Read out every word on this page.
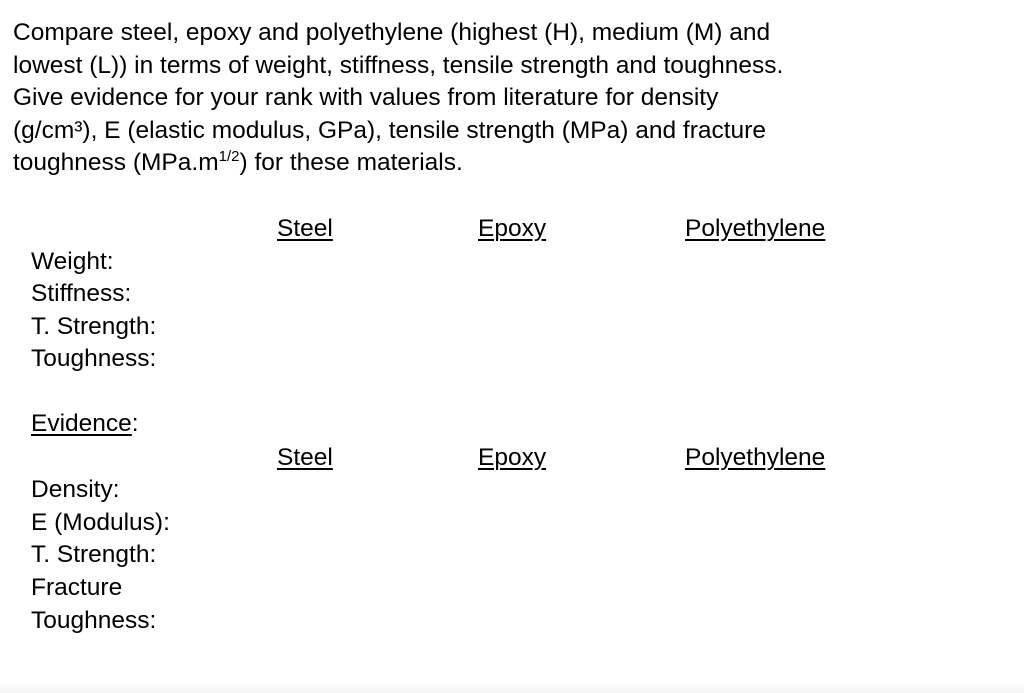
Compare steel, epoxy and polyethylene (highest (H), medium (M) and
lowest (L)) in terms of weight, stiffness, tensile strength and toughness.
Give evidence for your rank with values from literature for density
(g/cm³), E (elastic modulus, GPa), tensile strength (MPa) and fracture
toughness $(MPa.m^{1/2})$ for these materials.
Steel	Epoxy	Polyethylene
Weight:
Stiffness:
T. Strength:
Toughness:
Evidence:
Steel	Epoxy	Polyethylene
Density:
E (Modulus):
T. Strength:
Fracture
Toughness:
